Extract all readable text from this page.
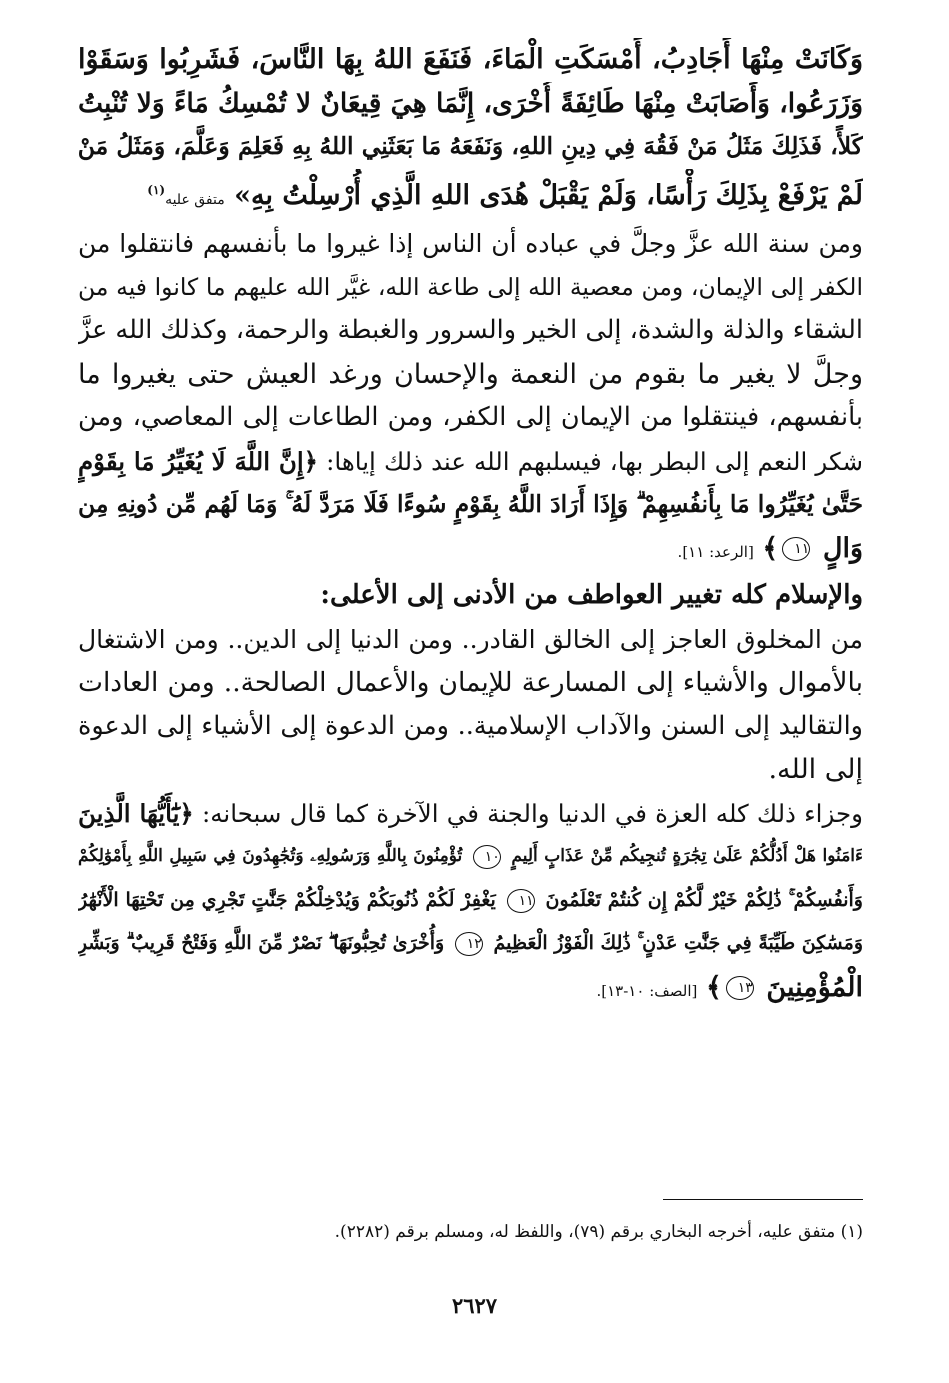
وَكَانَتْ مِنْهَا أَجَادِبُ، أَمْسَكَتِ الْمَاءَ، فَنَفَعَ اللهُ بِهَا النَّاسَ، فَشَرِبُوا وَسَقَوْا
وَزَرَعُوا، وَأَصَابَتْ مِنْهَا طَائِفَةً أُخْرَى، إِنَّمَا هِيَ قِيعَانٌ لا تُمْسِكُ مَاءً وَلا تُنْبِتُ
كَلأً، فَذَلِكَ مَثَلُ مَنْ فَقُهَ فِي دِينِ اللهِ، وَنَفَعَهُ مَا بَعَثَنِي اللهُ بِهِ فَعَلِمَ وَعَلَّمَ، وَمَثَلُ مَنْ
لَمْ يَرْفَعْ بِذَلِكَ رَأْسًا، وَلَمْ يَقْبَلْ هُدَى اللهِ الَّذِي أُرْسِلْتُ بِهِ» متفق عليه$^{(١)}$
ومن سنة الله عزَّ وجلَّ في عباده أن الناس إذا غيروا ما بأنفسهم فانتقلوا من
الكفر إلى الإيمان، ومن معصية الله إلى طاعة الله، غيَّر الله عليهم ما كانوا فيه من
الشقاء والذلة والشدة، إلى الخير والسرور والغبطة والرحمة، وكذلك الله عزَّ
وجلَّ لا يغير ما بقوم من النعمة والإحسان ورغد العيش حتى يغيروا ما
بأنفسهم، فينتقلوا من الإيمان إلى الكفر، ومن الطاعات إلى المعاصي، ومن
شكر النعم إلى البطر بها، فيسلبهم الله عند ذلك إياها: ﴿إِنَّ اللَّهَ لَا يُغَيِّرُ مَا بِقَوْمٍ
حَتَّىٰ يُغَيِّرُوا مَا بِأَنفُسِهِمْ ۗ وَإِذَا أَرَادَ اللَّهُ بِقَوْمٍ سُوءًا فَلَا مَرَدَّ لَهُ ۚ وَمَا لَهُم مِّن دُونِهِ مِن
وَالٍ ١١﴾ [الرعد: ١١].
والإسلام كله تغيير العواطف من الأدنى إلى الأعلى:
من المخلوق العاجز إلى الخالق القادر.. ومن الدنيا إلى الدين.. ومن الاشتغال
بالأموال والأشياء إلى المسارعة للإيمان والأعمال الصالحة.. ومن العادات
والتقاليد إلى السنن والآداب الإسلامية.. ومن الدعوة إلى الأشياء إلى الدعوة
إلى الله.
وجزاء ذلك كله العزة في الدنيا والجنة في الآخرة كما قال سبحانه: ﴿يَٰٓأَيُّهَا الَّذِينَ
ءَامَنُوا هَلْ أَدُلُّكُمْ عَلَىٰ تِجَٰرَةٍ تُنجِيكُم مِّنْ عَذَابٍ أَلِيمٍ ١٠ تُؤْمِنُونَ بِاللَّهِ وَرَسُولِهِۦ وَتُجَٰهِدُونَ فِي سَبِيلِ اللَّهِ بِأَمْوَٰلِكُمْ
وَأَنفُسِكُمْ ۚ ذَٰلِكُمْ خَيْرٌ لَّكُمْ إِن كُنتُمْ تَعْلَمُونَ ١١ يَغْفِرْ لَكُمْ ذُنُوبَكُمْ وَيُدْخِلْكُمْ جَنَّٰتٍ تَجْرِي مِن تَحْتِهَا الْأَنْهَٰرُ
وَمَسَٰكِنَ طَيِّبَةً فِي جَنَّٰتِ عَدْنٍ ۚ ذَٰلِكَ الْفَوْزُ الْعَظِيمُ ١٢ وَأُخْرَىٰ تُحِبُّونَهَا ۖ نَصْرٌ مِّنَ اللَّهِ وَفَتْحٌ قَرِيبٌ ۗ وَبَشِّرِ
الْمُؤْمِنِينَ ١٣﴾ [الصف: ١٠-١٣].
(١) متفق عليه، أخرجه البخاري برقم (٧٩)، واللفظ له، ومسلم برقم (٢٢٨٢).
٢٦٢٧
